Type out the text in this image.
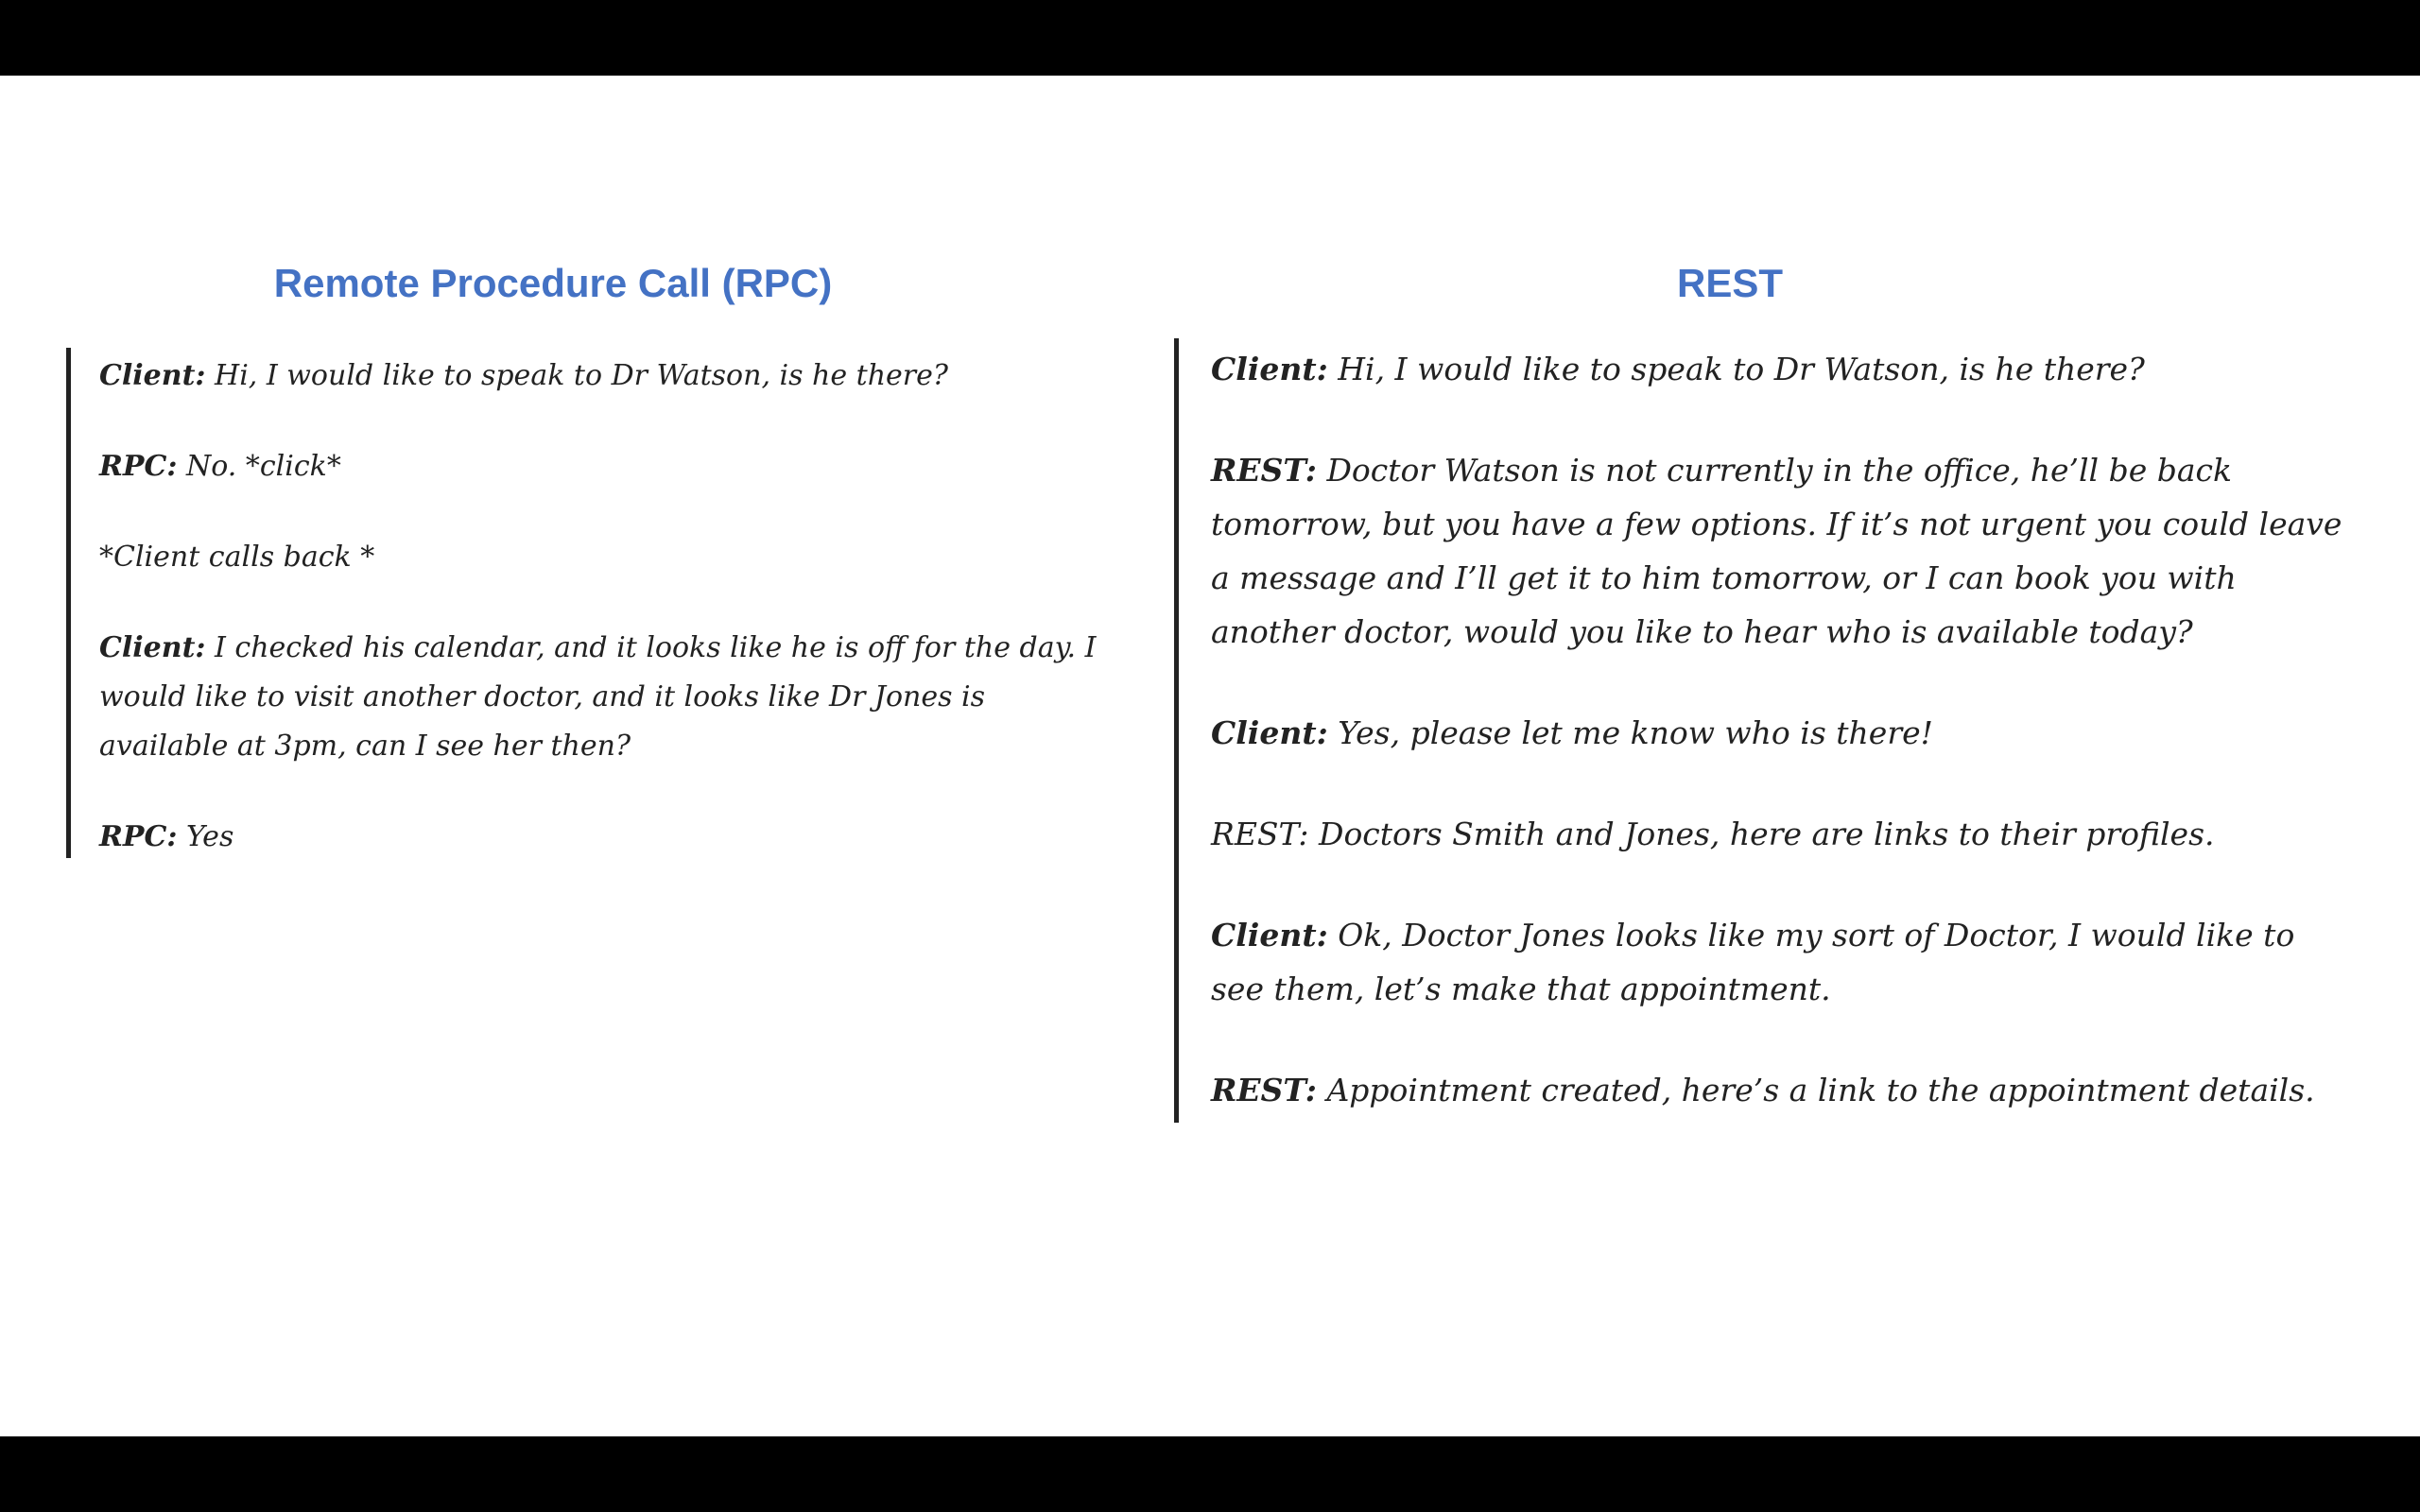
Remote Procedure Call (RPC)	REST

Client: Hi, I would like to speak to Dr Watson, is he there?

RPC: No. *click*

*Client calls back *

Client: I checked his calendar, and it looks like he is off for the day. I would like to visit another doctor, and it looks like Dr Jones is available at 3pm, can I see her then?

RPC: Yes

Client: Hi, I would like to speak to Dr Watson, is he there?

REST: Doctor Watson is not currently in the office, he’ll be back tomorrow, but you have a few options. If it’s not urgent you could leave a message and I’ll get it to him tomorrow, or I can book you with another doctor, would you like to hear who is available today?

Client: Yes, please let me know who is there!

REST: Doctors Smith and Jones, here are links to their profiles.

Client: Ok, Doctor Jones looks like my sort of Doctor, I would like to see them, let’s make that appointment.

REST: Appointment created, here’s a link to the appointment details.
